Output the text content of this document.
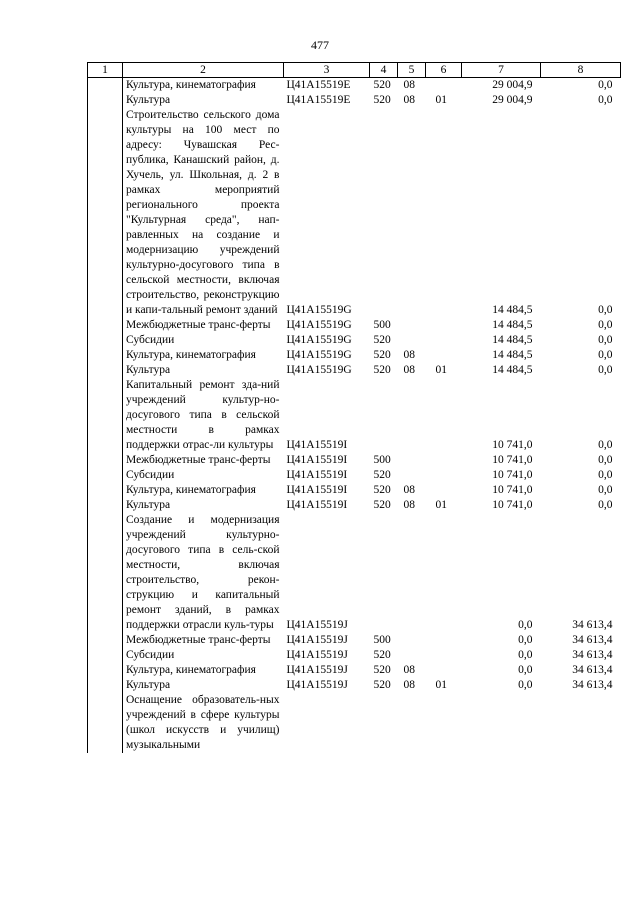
477
1	2	3	4	5	6	7	8
	Культура, кинематография	Ц41А15519Е	520	08		29 004,9	0,0
	Культура	Ц41А15519Е	520	08	01	29 004,9	0,0
	Строительство сельского дома культуры на 100 мест по адресу: Чувашская Рес-публика, Канашский район, д. Хучель, ул. Школьная, д. 2 в рамках мероприятий регионального проекта "Культурная среда", нап-равленных на создание и модернизацию учреждений культурно-досугового типа в сельской местности, включая строительство, реконструкцию и капи-тальный ремонт зданий	Ц41А15519G				14 484,5	0,0
	Межбюджетные транс-ферты	Ц41А15519G	500			14 484,5	0,0
	Субсидии	Ц41А15519G	520			14 484,5	0,0
	Культура, кинематография	Ц41А15519G	520	08		14 484,5	0,0
	Культура	Ц41А15519G	520	08	01	14 484,5	0,0
	Капитальный ремонт зда-ний учреждений культур-но-досугового типа в сельской местности в рамках поддержки отрас-ли культуры	Ц41А15519I				10 741,0	0,0
	Межбюджетные транс-ферты	Ц41А15519I	500			10 741,0	0,0
	Субсидии	Ц41А15519I	520			10 741,0	0,0
	Культура, кинематография	Ц41А15519I	520	08		10 741,0	0,0
	Культура	Ц41А15519I	520	08	01	10 741,0	0,0
	Создание и модернизация учреждений культурно-досугового типа в сель-ской местности, включая строительство, рекон-струкцию и капитальный ремонт зданий, в рамках поддержки отрасли куль-туры	Ц41А15519J				0,0	34 613,4
	Межбюджетные транс-ферты	Ц41А15519J	500			0,0	34 613,4
	Субсидии	Ц41А15519J	520			0,0	34 613,4
	Культура, кинематография	Ц41А15519J	520	08		0,0	34 613,4
	Культура	Ц41А15519J	520	08	01	0,0	34 613,4
	Оснащение образователь-ных учреждений в сфере культуры (школ искусств и училищ) музыкальными						
